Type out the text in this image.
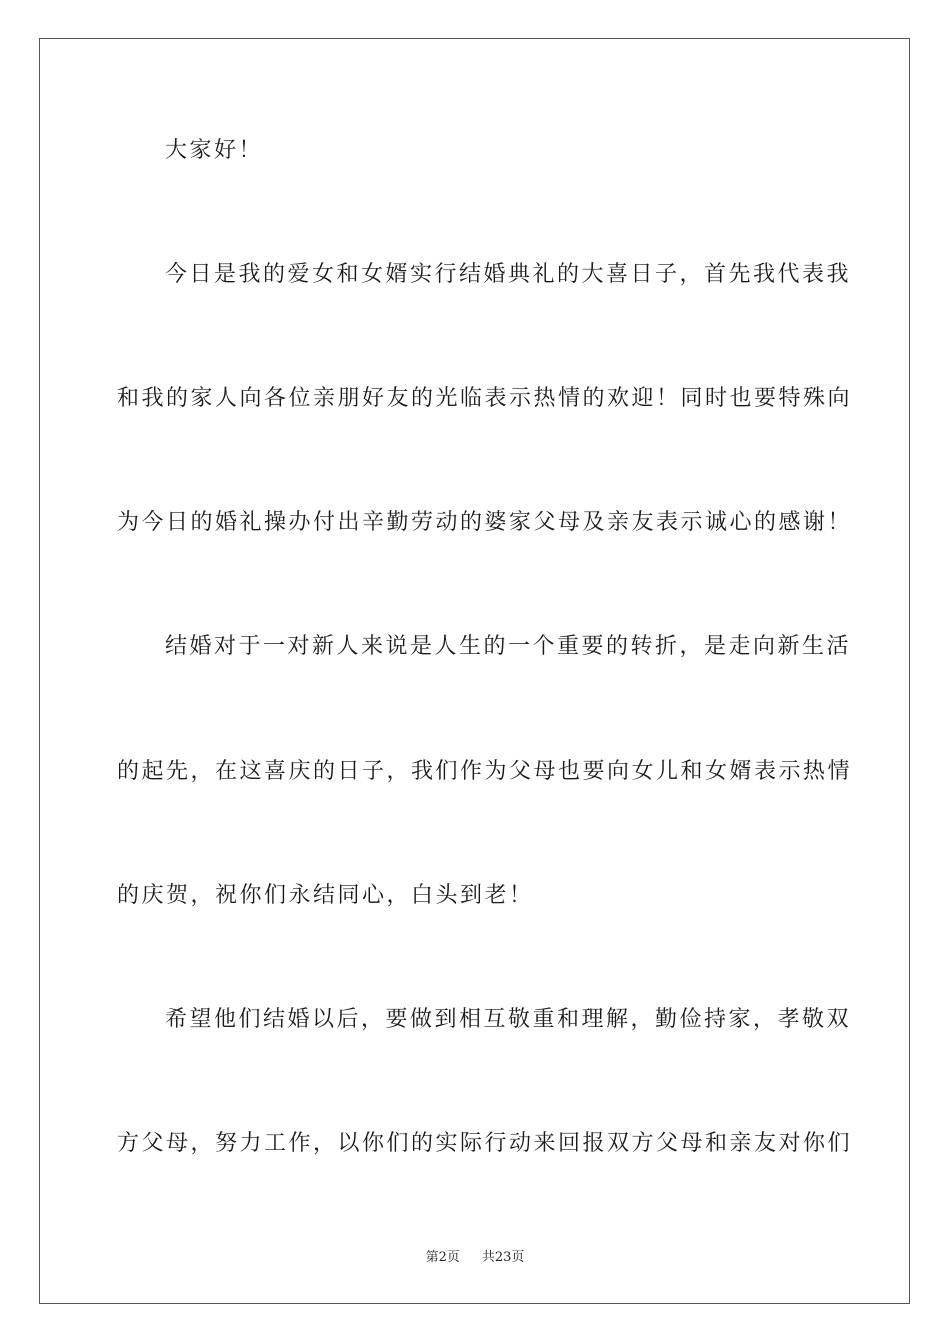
大家好！
今日是我的爱女和女婿实行结婚典礼的大喜日子，首先我代表我
和我的家人向各位亲朋好友的光临表示热情的欢迎！同时也要特殊向
为今日的婚礼操办付出辛勤劳动的婆家父母及亲友表示诚心的感谢！
结婚对于一对新人来说是人生的一个重要的转折，是走向新生活
的起先，在这喜庆的日子，我们作为父母也要向女儿和女婿表示热情
的庆贺，祝你们永结同心，白头到老！
希望他们结婚以后，要做到相互敬重和理解，勤俭持家，孝敬双
方父母，努力工作，以你们的实际行动来回报双方父母和亲友对你们
第2页 共23页
